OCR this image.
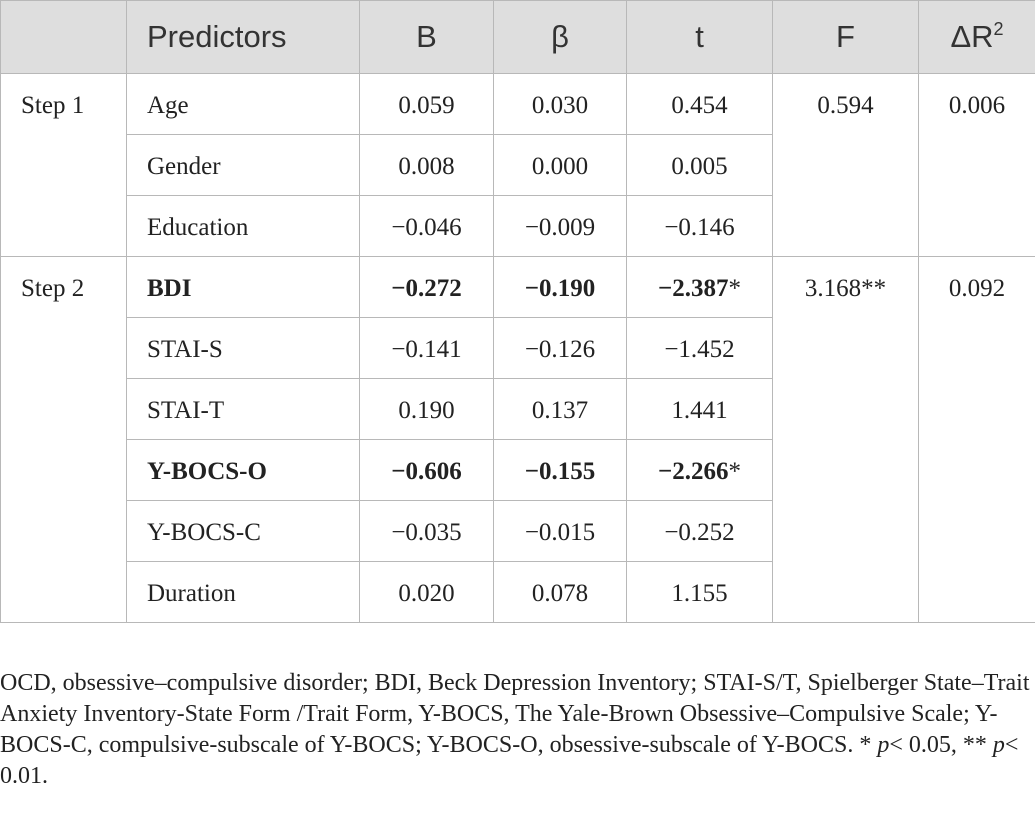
	Predictors	B	β	t	F	$\Delta R^2$
Step 1	Age	0.059	0.030	0.454	0.594	0.006
	Gender	0.008	0.000	0.005		
	Education	−0.046	−0.009	−0.146		
Step 2	BDI	−0.272	−0.190	−2.387*	3.168**	0.092
	STAI-S	−0.141	−0.126	−1.452		
	STAI-T	0.190	0.137	1.441		
	Y-BOCS-O	−0.606	−0.155	−2.266*		
	Y-BOCS-C	−0.035	−0.015	−0.252		
	Duration	0.020	0.078	1.155		

OCD, obsessive–compulsive disorder; BDI, Beck Depression Inventory; STAI-S/T, Spielberger State–Trait Anxiety Inventory-State Form /Trait Form, Y-BOCS, The Yale-Brown Obsessive–Compulsive Scale; Y-BOCS-C, compulsive-subscale of Y-BOCS; Y-BOCS-O, obsessive-subscale of Y-BOCS. * p< 0.05, ** p< 0.01.
